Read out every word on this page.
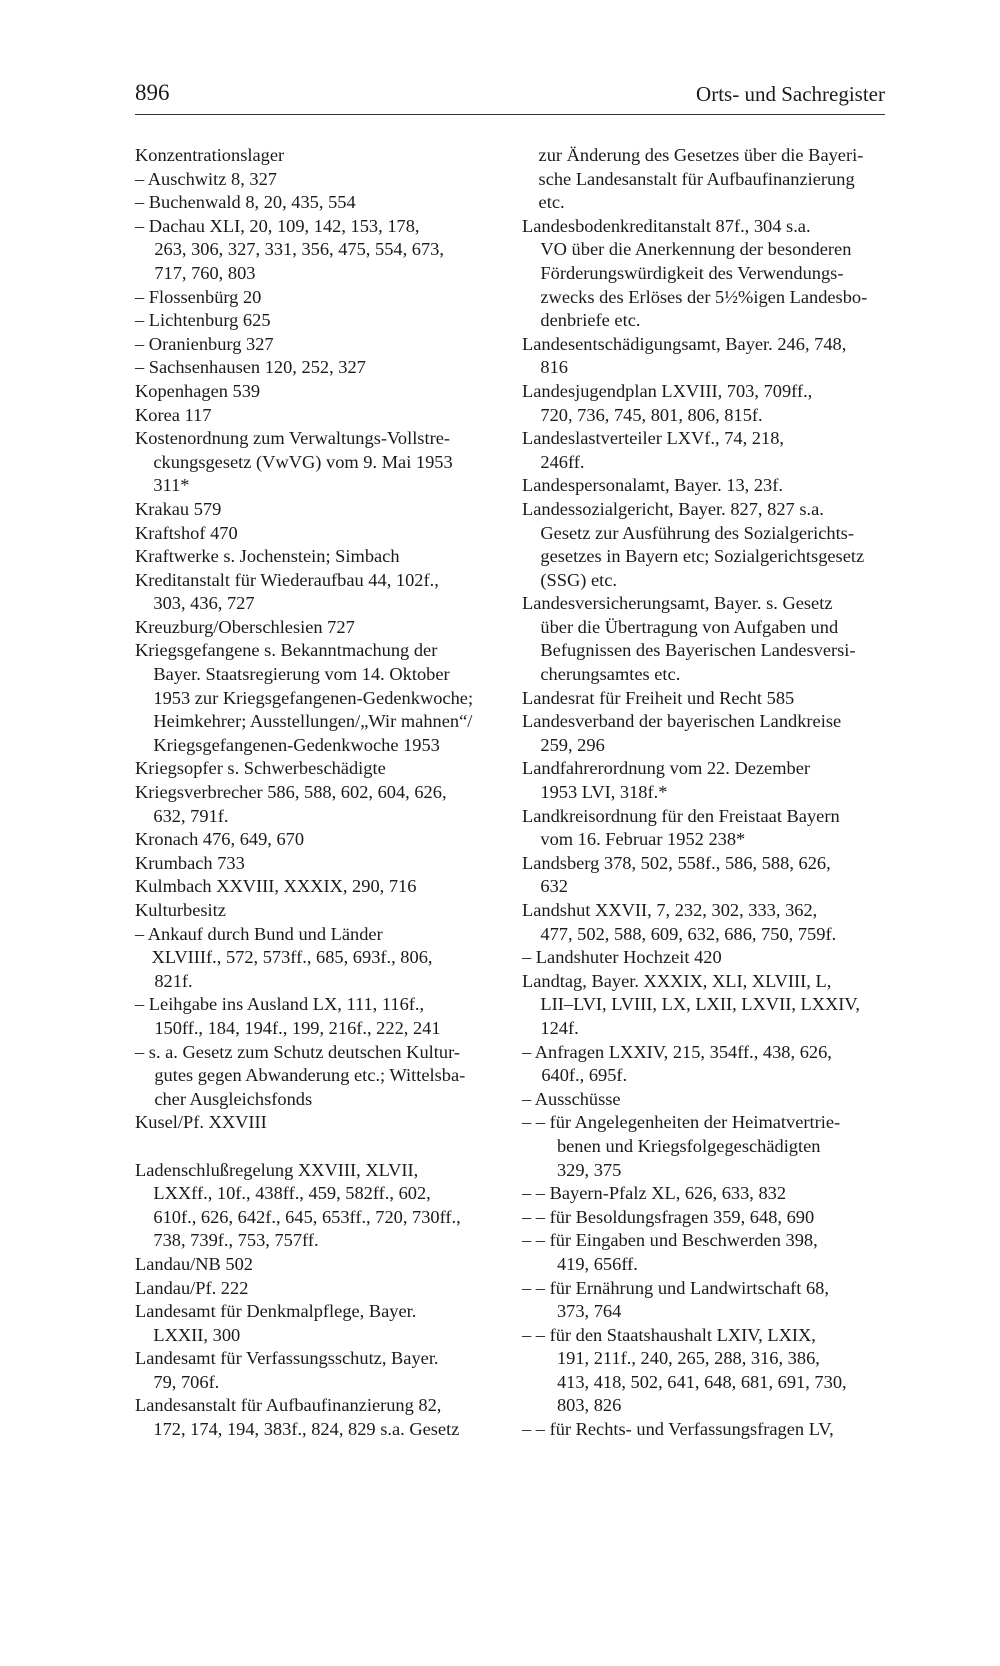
896	Orts- und Sachregister
Konzentrationslager
– Auschwitz 8, 327
– Buchenwald 8, 20, 435, 554
– Dachau XLI, 20, 109, 142, 153, 178,
263, 306, 327, 331, 356, 475, 554, 673,
717, 760, 803
– Flossenbürg 20
– Lichtenburg 625
– Oranienburg 327
– Sachsenhausen 120, 252, 327
Kopenhagen 539
Korea 117
Kostenordnung zum Verwaltungs-Vollstre-
ckungsgesetz (VwVG) vom 9. Mai 1953
311*
Krakau 579
Kraftshof 470
Kraftwerke s. Jochenstein; Simbach
Kreditanstalt für Wiederaufbau 44, 102f.,
303, 436, 727
Kreuzburg/Oberschlesien 727
Kriegsgefangene s. Bekanntmachung der
Bayer. Staatsregierung vom 14. Oktober
1953 zur Kriegsgefangenen-Gedenkwoche;
Heimkehrer; Ausstellungen/„Wir mahnen“/
Kriegsgefangenen-Gedenkwoche 1953
Kriegsopfer s. Schwerbeschädigte
Kriegsverbrecher 586, 588, 602, 604, 626,
632, 791f.
Kronach 476, 649, 670
Krumbach 733
Kulmbach XXVIII, XXXIX, 290, 716
Kulturbesitz
– Ankauf durch Bund und Länder
XLVIIIf., 572, 573ff., 685, 693f., 806,
821f.
– Leihgabe ins Ausland LX, 111, 116f.,
150ff., 184, 194f., 199, 216f., 222, 241
– s. a. Gesetz zum Schutz deutschen Kultur-
gutes gegen Abwanderung etc.; Wittelsba-
cher Ausgleichsfonds
Kusel/Pf. XXVIII
Ladenschlußregelung XXVIII, XLVII,
LXXff., 10f., 438ff., 459, 582ff., 602,
610f., 626, 642f., 645, 653ff., 720, 730ff.,
738, 739f., 753, 757ff.
Landau/NB 502
Landau/Pf. 222
Landesamt für Denkmalpflege, Bayer.
LXXII, 300
Landesamt für Verfassungsschutz, Bayer.
79, 706f.
Landesanstalt für Aufbaufinanzierung 82,
172, 174, 194, 383f., 824, 829 s.a. Gesetz
zur Änderung des Gesetzes über die Bayeri-
sche Landesanstalt für Aufbaufinanzierung
etc.
Landesbodenkreditanstalt 87f., 304 s.a.
VO über die Anerkennung der besonderen
Förderungswürdigkeit des Verwendungs-
zwecks des Erlöses der 5½%igen Landesbo-
denbriefe etc.
Landesentschädigungsamt, Bayer. 246, 748,
816
Landesjugendplan LXVIII, 703, 709ff.,
720, 736, 745, 801, 806, 815f.
Landeslastverteiler LXVf., 74, 218,
246ff.
Landespersonalamt, Bayer. 13, 23f.
Landessozialgericht, Bayer. 827, 827 s.a.
Gesetz zur Ausführung des Sozialgerichts-
gesetzes in Bayern etc; Sozialgerichtsgesetz
(SSG) etc.
Landesversicherungsamt, Bayer. s. Gesetz
über die Übertragung von Aufgaben und
Befugnissen des Bayerischen Landesversi-
cherungsamtes etc.
Landesrat für Freiheit und Recht 585
Landesverband der bayerischen Landkreise
259, 296
Landfahrerordnung vom 22. Dezember
1953 LVI, 318f.*
Landkreisordnung für den Freistaat Bayern
vom 16. Februar 1952 238*
Landsberg 378, 502, 558f., 586, 588, 626,
632
Landshut XXVII, 7, 232, 302, 333, 362,
477, 502, 588, 609, 632, 686, 750, 759f.
– Landshuter Hochzeit 420
Landtag, Bayer. XXXIX, XLI, XLVIII, L,
LII–LVI, LVIII, LX, LXII, LXVII, LXXIV,
124f.
– Anfragen LXXIV, 215, 354ff., 438, 626,
640f., 695f.
– Ausschüsse
– – für Angelegenheiten der Heimatvertrie-
benen und Kriegsfolgegeschädigten
329, 375
– – Bayern-Pfalz XL, 626, 633, 832
– – für Besoldungsfragen 359, 648, 690
– – für Eingaben und Beschwerden 398,
419, 656ff.
– – für Ernährung und Landwirtschaft 68,
373, 764
– – für den Staatshaushalt LXIV, LXIX,
191, 211f., 240, 265, 288, 316, 386,
413, 418, 502, 641, 648, 681, 691, 730,
803, 826
– – für Rechts- und Verfassungsfragen LV,
